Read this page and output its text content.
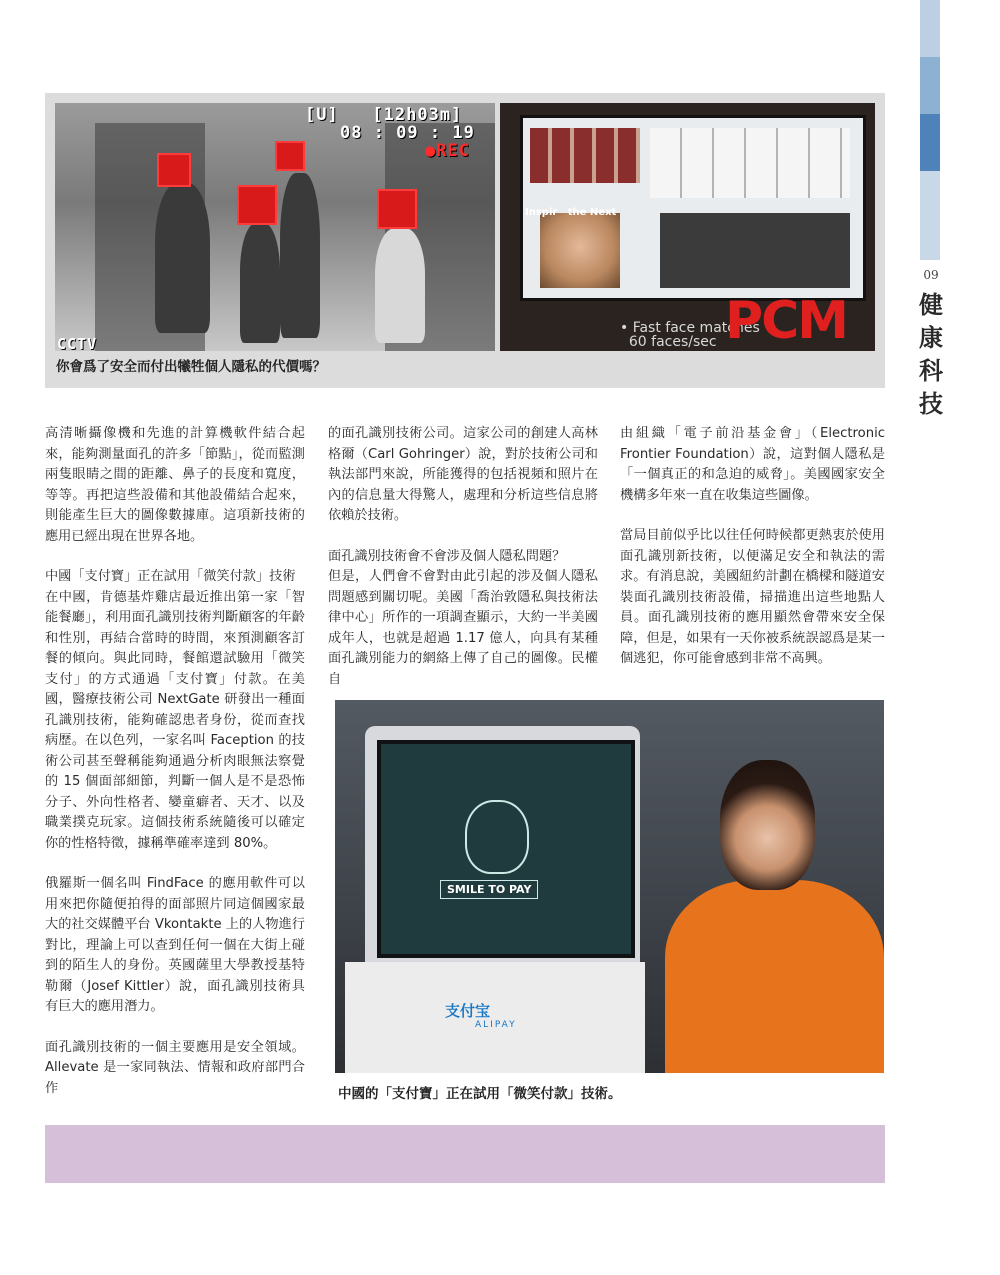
09
健
康
科
技
[U]   [12h03m]
08 : 09 : 19
●REC
CCTV
Inspir   the Next
• Fast face matches
60 faces/sec PCM
你會爲了安全而付出犧牲個人隱私的代價嗎？

高清晰攝像機和先進的計算機軟件結合起來，能夠測量面孔的許多「節點」，從而監測兩隻眼睛之間的距離、鼻子的長度和寬度，等等。再把這些設備和其他設備結合起來，則能產生巨大的圖像數據庫。這項新技術的應用已經出現在世界各地。

中國「支付寶」正在試用「微笑付款」技術

在中國，肯德基炸雞店最近推出第一家「智能餐廳」，利用面孔識別技術判斷顧客的年齡和性別，再結合當時的時間，來預測顧客訂餐的傾向。與此同時，餐館還試驗用「微笑支付」的方式通過「支付寶」付款。在美國，醫療技術公司 NextGate 研發出一種面孔識別技術，能夠確認患者身份，從而查找病歷。在以色列，一家名叫 Faception 的技術公司甚至聲稱能夠通過分析肉眼無法察覺的 15 個面部細節，判斷一個人是不是恐怖分子、外向性格者、孌童癖者、天才、以及職業撲克玩家。這個技術系統隨後可以確定你的性格特徵，據稱準確率達到 80%。

俄羅斯一個名叫 FindFace 的應用軟件可以用來把你隨便拍得的面部照片同這個國家最大的社交媒體平台 Vkontakte 上的人物進行對比，理論上可以查到任何一個在大街上碰到的陌生人的身份。英國薩里大學教授基特勒爾（Josef Kittler）說，面孔識別技術具有巨大的應用潛力。

面孔識別技術的一個主要應用是安全領域。Allevate 是一家同執法、情報和政府部門合作

的面孔識別技術公司。這家公司的創建人高林格爾（Carl Gohringer）說，對於技術公司和執法部門來說，所能獲得的包括視頻和照片在內的信息量大得驚人，處理和分析這些信息將依賴於技術。

面孔識別技術會不會涉及個人隱私問題？

但是，人們會不會對由此引起的涉及個人隱私問題感到關切呢。美國「喬治敦隱私與技術法律中心」所作的一項調查顯示，大約一半美國成年人，也就是超過 1.17 億人，向具有某種面孔識別能力的網絡上傳了自己的圖像。民權自

由組織「電子前沿基金會」（Electronic Frontier Foundation）說，這對個人隱私是「一個真正的和急迫的威脅」。美國國家安全機構多年來一直在收集這些圖像。

當局目前似乎比以往任何時候都更熱衷於使用面孔識別新技術，以便滿足安全和執法的需求。有消息說，美國紐約計劃在橋樑和隧道安裝面孔識別技術設備，掃描進出這些地點人員。面孔識別技術的應用顯然會帶來安全保障，但是，如果有一天你被系統誤認爲是某一個逃犯，你可能會感到非常不高興。

SMILE TO PAY
支付宝
ALIPAY
中國的「支付寶」正在試用「微笑付款」技術。
